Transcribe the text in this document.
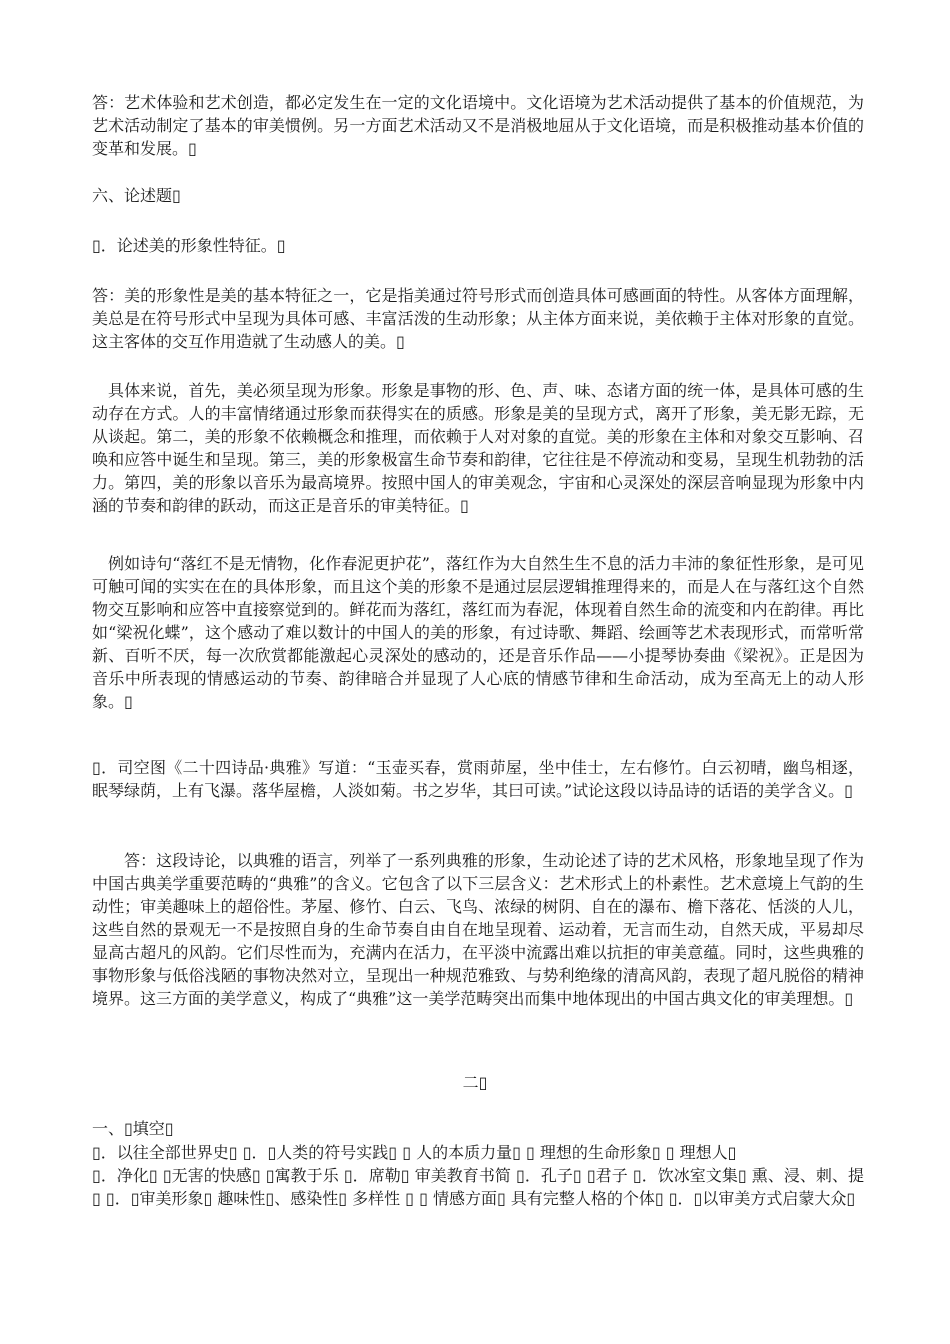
答：艺术体验和艺术创造，都必定发生在一定的文化语境中。文化语境为艺术活动提供了基本的价值规范，为艺术活动制定了基本的审美惯例。另一方面艺术活动又不是消极地屈从于文化语境，而是积极推动基本价值的变革和发展。▯

六、论述题▯

▯．论述美的形象性特征。▯

答：美的形象性是美的基本特征之一，它是指美通过符号形式而创造具体可感画面的特性。从客体方面理解，美总是在符号形式中呈现为具体可感、丰富活泼的生动形象；从主体方面来说，美依赖于主体对形象的直觉。这主客体的交互作用造就了生动感人的美。▯

具体来说，首先，美必须呈现为形象。形象是事物的形、色、声、味、态诸方面的统一体，是具体可感的生动存在方式。人的丰富情绪通过形象而获得实在的质感。形象是美的呈现方式，离开了形象，美无影无踪，无从谈起。第二，美的形象不依赖概念和推理，而依赖于人对对象的直觉。美的形象在主体和对象交互影响、召唤和应答中诞生和呈现。第三，美的形象极富生命节奏和韵律，它往往是不停流动和变易，呈现生机勃勃的活力。第四，美的形象以音乐为最高境界。按照中国人的审美观念，宇宙和心灵深处的深层音响显现为形象中内涵的节奏和韵律的跃动，而这正是音乐的审美特征。▯

例如诗句“落红不是无情物，化作春泥更护花”，落红作为大自然生生不息的活力丰沛的象征性形象，是可见可触可闻的实实在在的具体形象，而且这个美的形象不是通过层层逻辑推理得来的，而是人在与落红这个自然物交互影响和应答中直接察觉到的。鲜花而为落红，落红而为春泥，体现着自然生命的流变和内在韵律。再比如“梁祝化蝶”，这个感动了难以数计的中国人的美的形象，有过诗歌、舞蹈、绘画等艺术表现形式，而常听常新、百听不厌，每一次欣赏都能激起心灵深处的感动的，还是音乐作品——小提琴协奏曲《梁祝》。正是因为音乐中所表现的情感运动的节奏、韵律暗合并显现了人心底的情感节律和生命活动，成为至高无上的动人形象。▯

▯．司空图《二十四诗品·典雅》写道：“玉壶买春，赏雨茆屋，坐中佳士，左右修竹。白云初晴，幽鸟相逐，眠琴绿荫，上有飞瀑。落华屋檐，人淡如菊。书之岁华，其曰可读。”试论这段以诗品诗的话语的美学含义。▯

答：这段诗论，以典雅的语言，列举了一系列典雅的形象，生动论述了诗的艺术风格，形象地呈现了作为中国古典美学重要范畴的“典雅”的含义。它包含了以下三层含义：艺术形式上的朴素性。艺术意境上气韵的生动性；审美趣味上的超俗性。茅屋、修竹、白云、飞鸟、浓绿的树阴、自在的瀑布、檐下落花、恬淡的人儿，这些自然的景观无一不是按照自身的生命节奏自由自在地呈现着、运动着，无言而生动，自然天成，平易却尽显高古超凡的风韵。它们尽性而为，充满内在活力，在平淡中流露出难以抗拒的审美意蕴。同时，这些典雅的事物形象与低俗浅陋的事物决然对立，呈现出一种规范雅致、与势利绝缘的清高风韵，表现了超凡脱俗的精神境界。这三方面的美学意义，构成了“典雅”这一美学范畴突出而集中地体现出的中国古典文化的审美理想。▯

二▯

一、▯填空▯

▯．以往全部世界史▯ ▯．▯人类的符号实践▯ ▯ 人的本质力量▯ ▯ 理想的生命形象▯ ▯ 理想人▯

▯．净化▯ ▯无害的快感▯ ▯寓教于乐 ▯．席勒▯ 审美教育书简 ▯．孔子▯ ▯君子 ▯．饮冰室文集▯ 熏、浸、刺、提▯ ▯．▯审美形象▯ 趣味性▯、感染性▯ 多样性 ▯ ▯ 情感方面▯ 具有完整人格的个体▯ ▯．▯以审美方式启蒙大众▯
